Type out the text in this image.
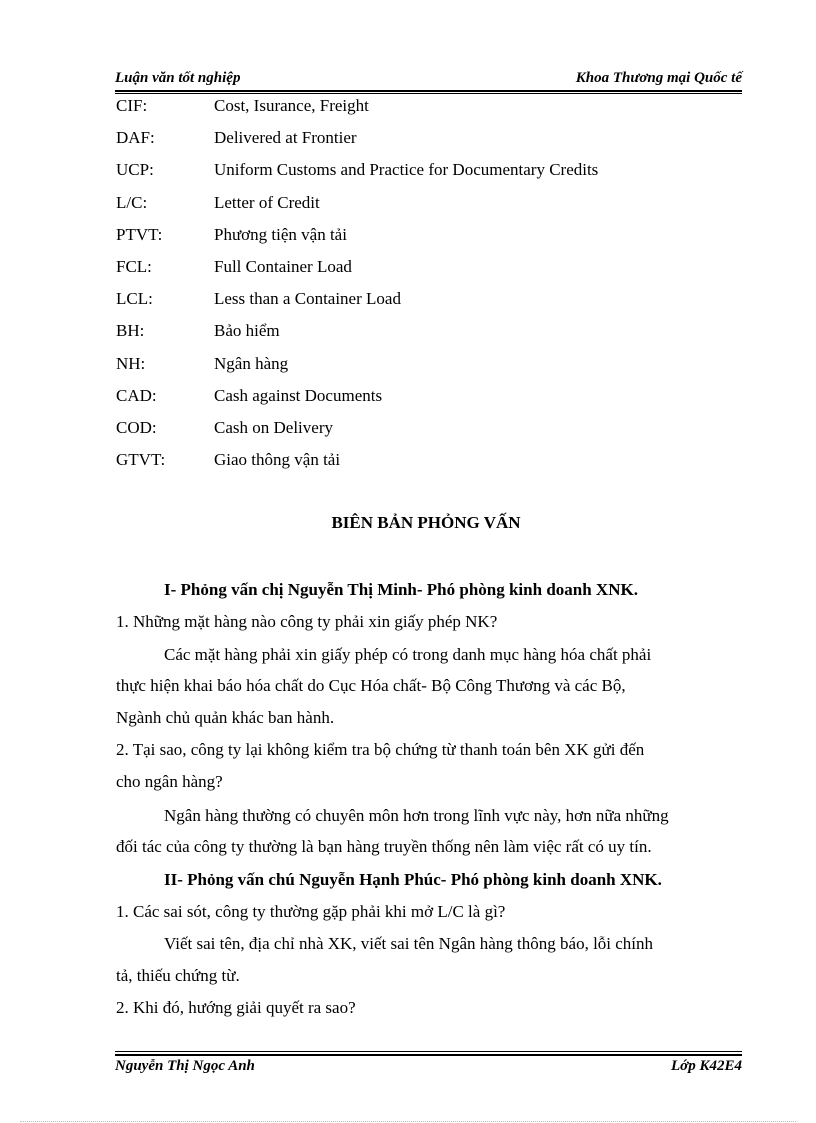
Luận văn tốt nghiệp	Khoa Thương mại Quốc tế
CIF:	Cost, Isurance, Freight
DAF:	Delivered at Frontier
UCP:	Uniform Customs and Practice for Documentary Credits
L/C:	Letter of Credit
PTVT:	Phương tiện vận tải
FCL:	Full Container Load
LCL:	Less than a Container Load
BH:	Bảo hiểm
NH:	Ngân hàng
CAD:	Cash against Documents
COD:	Cash on Delivery
GTVT:	Giao thông vận tải
BIÊN BẢN PHỎNG VẤN
I- Phỏng vấn chị Nguyễn Thị Minh- Phó phòng kinh doanh XNK.
1. Những mặt hàng nào công ty phải xin giấy phép NK?
Các mặt hàng phải xin giấy phép có trong danh mục hàng hóa chất phải
thực hiện khai báo hóa chất do Cục Hóa chất- Bộ Công Thương và các Bộ,
Ngành chủ quản khác ban hành.
2. Tại sao, công ty lại không kiểm tra bộ chứng từ thanh toán bên XK gửi đến
cho ngân hàng?
Ngân hàng thường có chuyên môn hơn trong lĩnh vực này, hơn nữa những
đối tác của công ty thường là bạn hàng truyền thống nên làm việc rất có uy tín.
II- Phỏng vấn chú Nguyễn Hạnh Phúc- Phó phòng kinh doanh XNK.
1. Các sai sót, công ty thường gặp phải khi mở L/C là gì?
Viết sai tên, địa chỉ nhà XK, viết sai tên Ngân hàng thông báo, lỗi chính
tả, thiếu chứng từ.
2. Khi đó, hướng giải quyết ra sao?
Nguyễn Thị Ngọc Anh	Lớp K42E4
